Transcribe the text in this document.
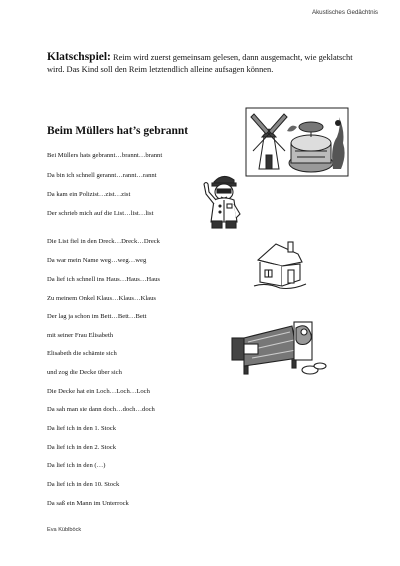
Akustisches Gedächtnis
Klatschspiel: Reim wird zuerst gemeinsam gelesen, dann ausgemacht, wie geklatscht wird. Das Kind soll den Reim letztendlich alleine aufsagen können.
Beim Müllers hat’s gebrannt
Bei Müllers hats gebrannt…brannt…brannt
Da bin ich schnell gerannt…rannt…rannt
Da kam ein Polizist…zist…zist
Der schrieb mich auf die List…list…list
Die List fiel in den Dreck…Dreck…Dreck
Da war mein Name weg…weg…weg
Da lief ich schnell ins Haus…Haus…Haus
Zu meinem Onkel Klaus…Klaus…Klaus
Der lag ja schon im Bett…Bett…Bett
mit seiner Frau Elisabeth
Elisabeth die schämte sich
und zog die Decke über sich
Die Decke hat ein Loch…Loch…Loch
Da sah man sie dann doch…doch…doch
Da lief ich in den 1. Stock
Da lief ich in den 2. Stock
Da lief ich in den (…)
Da lief ich in den 10. Stock
Da saß ein Mann im Unterrock
Eva Küblböck
